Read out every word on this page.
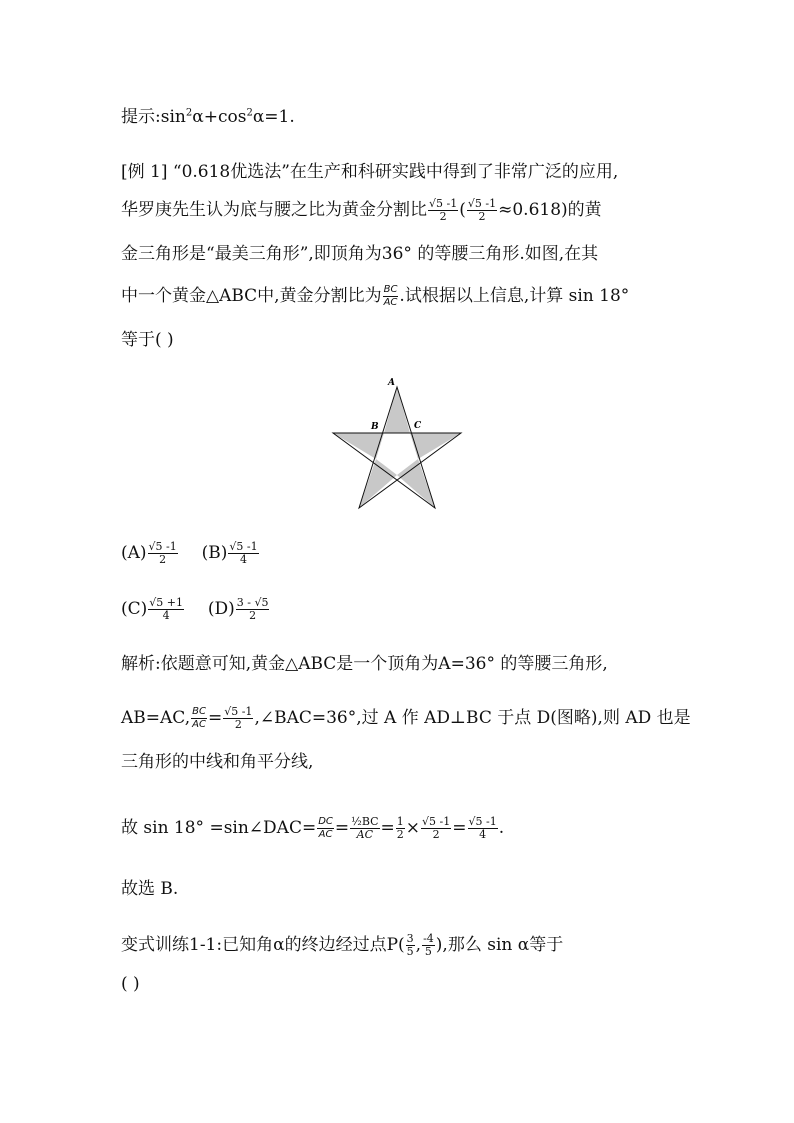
提示$:\sin^2\alpha+\cos^2\alpha=1$.
[例 1] “0.618优选法”在生产和科研实践中得到了非常广泛的应用,
华罗庚先生认为底与腰之比为黄金分割比 $\frac{√5 -1}{2}$ ( $\frac{√5 -1}{2} \approx 0.618$)的黄
金三角形是“最美三角形”,即顶角为36° 的等腰三角形.如图,在其
中一个黄金△ABC中,黄金分割比为 $\frac{BC}{AC}$ .试根据以上信息,计算 sin 18°
等于( )
A
B	C
$(A) \frac{√5 -1}{2} (B) \frac{√5 -1}{4}$
$(C) \frac{√5 +1}{4} (D) \frac{3 - √5}{2}$
解析:依题意可知,黄金△ABC是一个顶角为A=36° 的等腰三角形,
AB=AC, $\frac{BC}{AC} = \frac{√5 -1}{2}$ ,∠BAC=36°,过 A 作 AD⊥BC 于点 D(图略),则 AD 也是
三角形的中线和角平分线,
故 sin 18° =sin∠DAC= $\frac{DC}{AC} = \frac{\text{½BC}}{AC} = \frac{1}{2} \times \frac{√5 -1}{2} = \frac{√5 -1}{4}$ .
故选 B.
变式训练1-1:已知角α的终边经过点$P( \frac{3}{5}$ , $\frac{-4}{5}$ ),那么 sin α等于
( )
